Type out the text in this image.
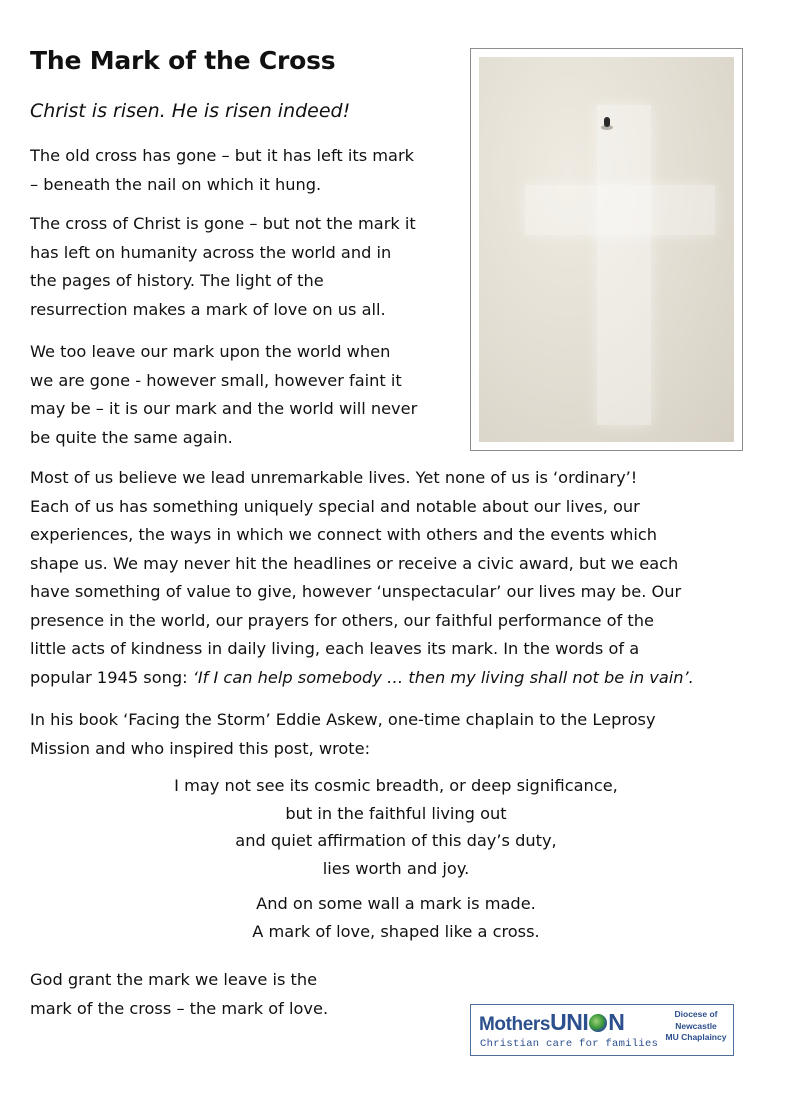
The Mark of the Cross

Christ is risen. He is risen indeed!

The old cross has gone – but it has left its mark
– beneath the nail on which it hung.

The cross of Christ is gone – but not the mark it
has left on humanity across the world and in
the pages of history. The light of the
resurrection makes a mark of love on us all.

We too leave our mark upon the world when
we are gone - however small, however faint it
may be – it is our mark and the world will never
be quite the same again.

Most of us believe we lead unremarkable lives. Yet none of us is ‘ordinary’!
Each of us has something uniquely special and notable about our lives, our
experiences, the ways in which we connect with others and the events which
shape us. We may never hit the headlines or receive a civic award, but we each
have something of value to give, however ‘unspectacular’ our lives may be. Our
presence in the world, our prayers for others, our faithful performance of the
little acts of kindness in daily living, each leaves its mark. In the words of a
popular 1945 song: ‘If I can help somebody … then my living shall not be in vain’.

In his book ‘Facing the Storm’ Eddie Askew, one-time chaplain to the Leprosy
Mission and who inspired this post, wrote:

I may not see its cosmic breadth, or deep significance,
but in the faithful living out
and quiet affirmation of this day’s duty,
lies worth and joy.

And on some wall a mark is made.
A mark of love, shaped like a cross.

God grant the mark we leave is the
mark of the cross – the mark of love.

MothersUNI N
Christian care for families
Diocese of
Newcastle
MU Chaplaincy
